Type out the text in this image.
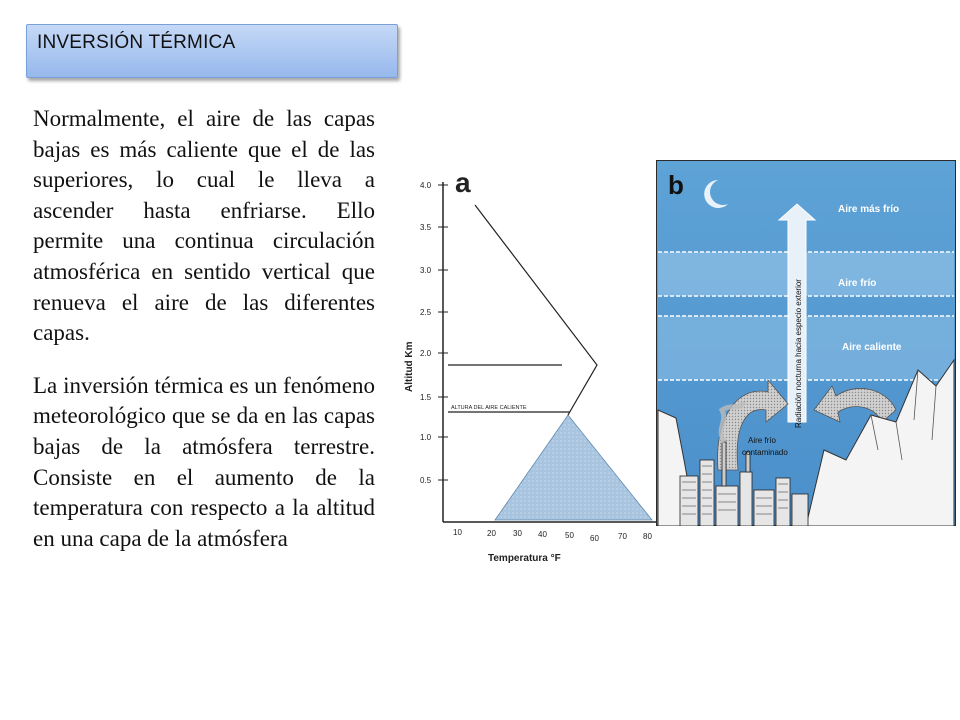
INVERSIÓN TÉRMICA

Normalmente, el aire de las capas bajas es más caliente que el de las superiores, lo cual le lleva a ascender hasta enfriarse. Ello permite una continua circulación atmosférica en sentido vertical que renueva el aire de las diferentes capas.

La inversión térmica es un fenómeno meteorológico que se da en las capas bajas de la atmósfera terrestre. Consiste en el aumento de la temperatura con respecto a la altitud en una capa de la atmósfera

a
4.0
3.5
3.0
2.5
2.0
1.5
1.0
0.5
Altitud Km
10	20 30 40 50 60 70 80
Temperatura °F
ALTURA DEL AIRE CALIENTE
b
Aire más frío
Aire frío
Aire caliente
Radiación nocturna hacia especio exterior
Aire frío
contaminado
